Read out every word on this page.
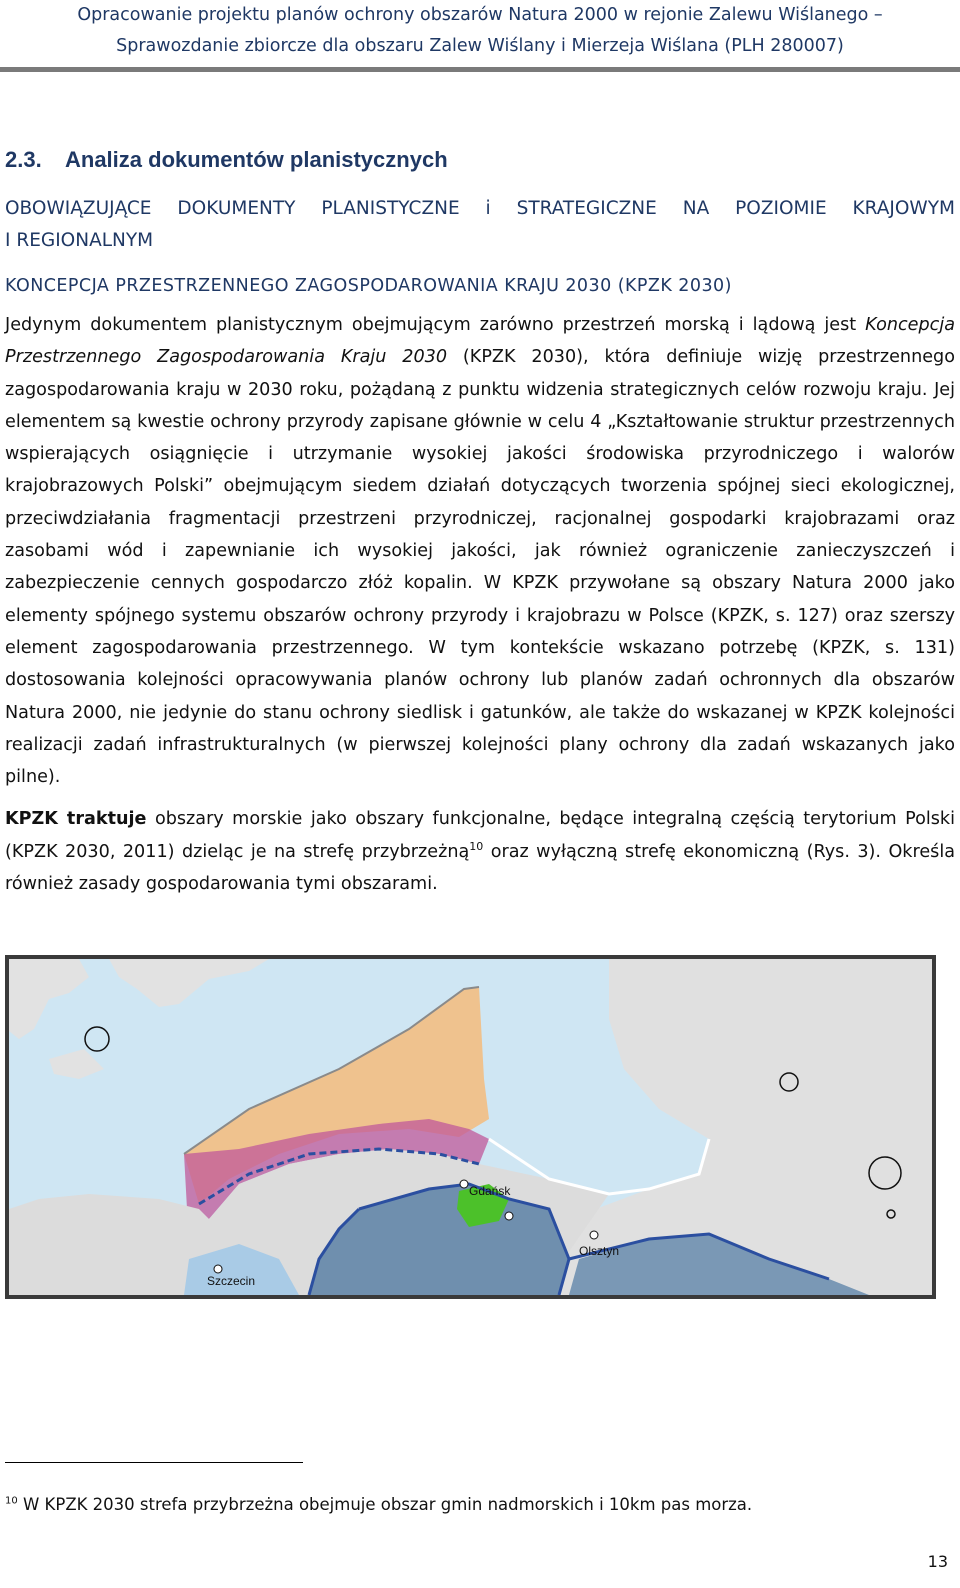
Opracowanie projektu planów ochrony obszarów Natura 2000 w rejonie Zalewu Wiślanego –
Sprawozdanie zbiorcze dla obszaru Zalew Wiślany i Mierzeja Wiślana (PLH 280007)
2.3. Analiza dokumentów planistycznych
OBOWIĄZUJĄCE DOKUMENTY PLANISTYCZNE i STRATEGICZNE NA POZIOMIE KRAJOWYM
I REGIONALNYM
KONCEPCJA PRZESTRZENNEGO ZAGOSPODAROWANIA KRAJU 2030 (KPZK 2030)

Jedynym dokumentem planistycznym obejmującym zarówno przestrzeń morską i lądową jest Koncepcja Przestrzennego Zagospodarowania Kraju 2030 (KPZK 2030), która definiuje wizję przestrzennego zagospodarowania kraju w 2030 roku, pożądaną z punktu widzenia strategicznych celów rozwoju kraju. Jej elementem są kwestie ochrony przyrody zapisane głównie w celu 4 „Kształtowanie struktur przestrzennych wspierających osiągnięcie i utrzymanie wysokiej jakości środowiska przyrodniczego i walorów krajobrazowych Polski” obejmującym siedem działań dotyczących tworzenia spójnej sieci ekologicznej, przeciwdziałania fragmentacji przestrzeni przyrodniczej, racjonalnej gospodarki krajobrazami oraz zasobami wód i zapewnianie ich wysokiej jakości, jak również ograniczenie zanieczyszczeń i zabezpieczenie cennych gospodarczo złóż kopalin. W KPZK przywołane są obszary Natura 2000 jako elementy spójnego systemu obszarów ochrony przyrody i krajobrazu w Polsce (KPZK, s. 127) oraz szerszy element zagospodarowania przestrzennego. W tym kontekście wskazano potrzebę (KPZK, s. 131) dostosowania kolejności opracowywania planów ochrony lub planów zadań ochronnych dla obszarów Natura 2000, nie jedynie do stanu ochrony siedlisk i gatunków, ale także do wskazanej w KPZK kolejności realizacji zadań infrastrukturalnych (w pierwszej kolejności plany ochrony dla zadań wskazanych jako pilne).

KPZK traktuje obszary morskie jako obszary funkcjonalne, będące integralną częścią terytorium Polski (KPZK 2030, 2011) dzieląc je na strefę przybrzeżną$^{10}$ oraz wyłączną strefę ekonomiczną (Rys. 3). Określa również zasady gospodarowania tymi obszarami.

Gdańsk
Olsztyn
Szczecin
$^{10}$ W KPZK 2030 strefa przybrzeżna obejmuje obszar gmin nadmorskich i 10km pas morza.
13
